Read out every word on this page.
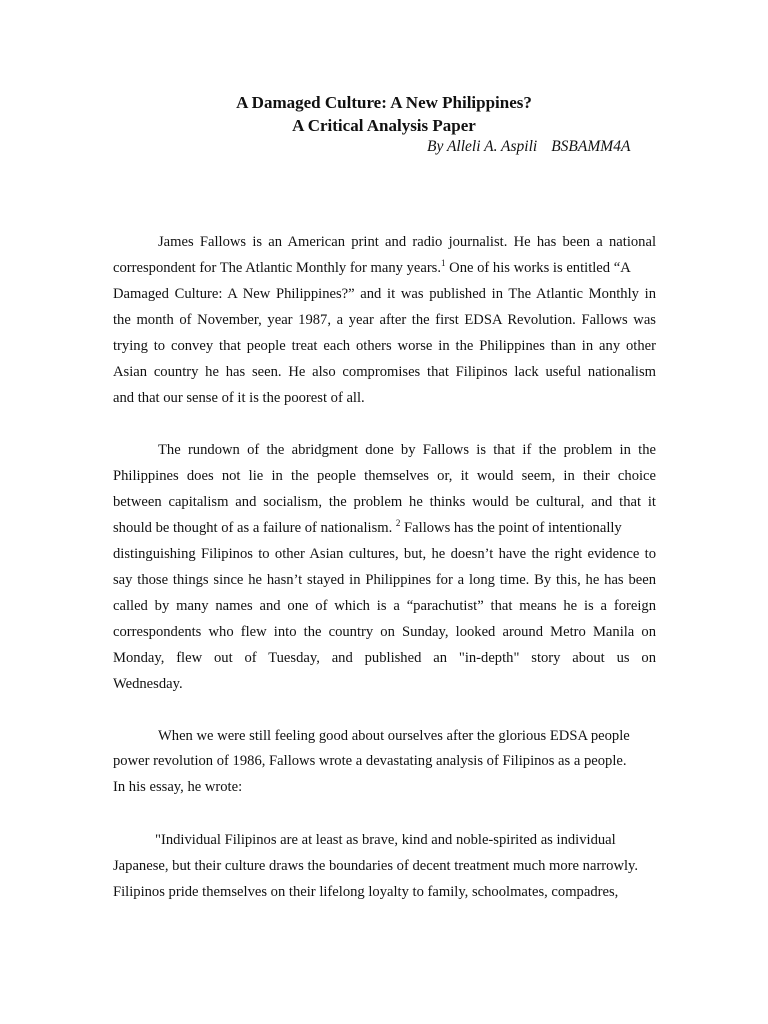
A Damaged Culture: A New Philippines?
A Critical Analysis Paper

By Alleli A. Aspili BSBAMM4A

James Fallows is an American print and radio journalist. He has been a national

correspondent for The Atlantic Monthly for many years.$^1$ One of his works is entitled “A

Damaged Culture: A New Philippines?” and it was published in The Atlantic Monthly in

the month of November, year 1987, a year after the first EDSA Revolution. Fallows was

trying to convey that people treat each others worse in the Philippines than in any other

Asian country he has seen. He also compromises that Filipinos lack useful nationalism

and that our sense of it is the poorest of all.

The rundown of the abridgment done by Fallows is that if the problem in the

Philippines does not lie in the people themselves or, it would seem, in their choice

between capitalism and socialism, the problem he thinks would be cultural, and that it

should be thought of as a failure of nationalism. $^2$ Fallows has the point of intentionally

distinguishing Filipinos to other Asian cultures, but, he doesn’t have the right evidence to

say those things since he hasn’t stayed in Philippines for a long time. By this, he has been

called by many names and one of which is a “parachutist” that means he is a foreign

correspondents who flew into the country on Sunday, looked around Metro Manila on

Monday, flew out of Tuesday, and published an "in-depth" story about us on

Wednesday.

When we were still feeling good about ourselves after the glorious EDSA people

power revolution of 1986, Fallows wrote a devastating analysis of Filipinos as a people.

In his essay, he wrote:

"Individual Filipinos are at least as brave, kind and noble-spirited as individual

Japanese, but their culture draws the boundaries of decent treatment much more narrowly.

Filipinos pride themselves on their lifelong loyalty to family, schoolmates, compadres,
